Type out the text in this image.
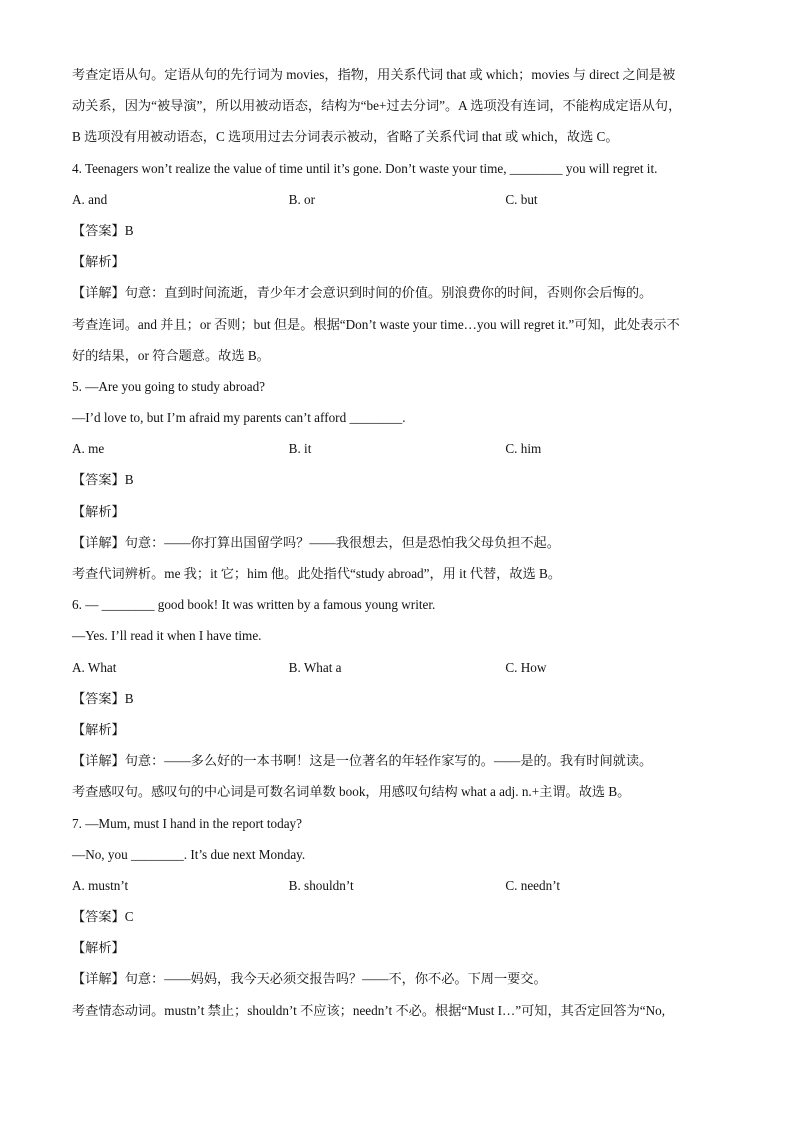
考查定语从句。定语从句的先行词为 movies，指物，用关系代词 that 或 which；movies 与 direct 之间是被
动关系，因为“被导演”，所以用被动语态，结构为“be+过去分词”。A 选项没有连词，不能构成定语从句，
B 选项没有用被动语态，C 选项用过去分词表示被动，省略了关系代词 that 或 which，故选 C。
4. Teenagers won’t realize the value of time until it’s gone. Don’t waste your time, ________ you will regret it.
A. and	B. or	C. but
【答案】B
【解析】
【详解】句意：直到时间流逝，青少年才会意识到时间的价值。别浪费你的时间，否则你会后悔的。
考查连词。and 并且；or 否则；but 但是。根据“Don’t waste your time…you will regret it.”可知，此处表示不
好的结果，or 符合题意。故选 B。
5. —Are you going to study abroad?
—I’d love to, but I’m afraid my parents can’t afford ________.
A. me	B. it	C. him
【答案】B
【解析】
【详解】句意：——你打算出国留学吗？——我很想去，但是恐怕我父母负担不起。
考查代词辨析。me 我；it 它；him 他。此处指代“study abroad”，用 it 代替，故选 B。
6. — ________ good book! It was written by a famous young writer.
—Yes. I’ll read it when I have time.
A. What	B. What a	C. How
【答案】B
【解析】
【详解】句意：——多么好的一本书啊！这是一位著名的年轻作家写的。——是的。我有时间就读。
考查感叹句。感叹句的中心词是可数名词单数 book，用感叹句结构 what a adj. n.+主谓。故选 B。
7. —Mum, must I hand in the report today?
—No, you ________. It’s due next Monday.
A. mustn’t	B. shouldn’t	C. needn’t
【答案】C
【解析】
【详解】句意：——妈妈，我今天必须交报告吗？——不，你不必。下周一要交。
考查情态动词。mustn’t 禁止；shouldn’t 不应该；needn’t 不必。根据“Must I…”可知，其否定回答为“No,
